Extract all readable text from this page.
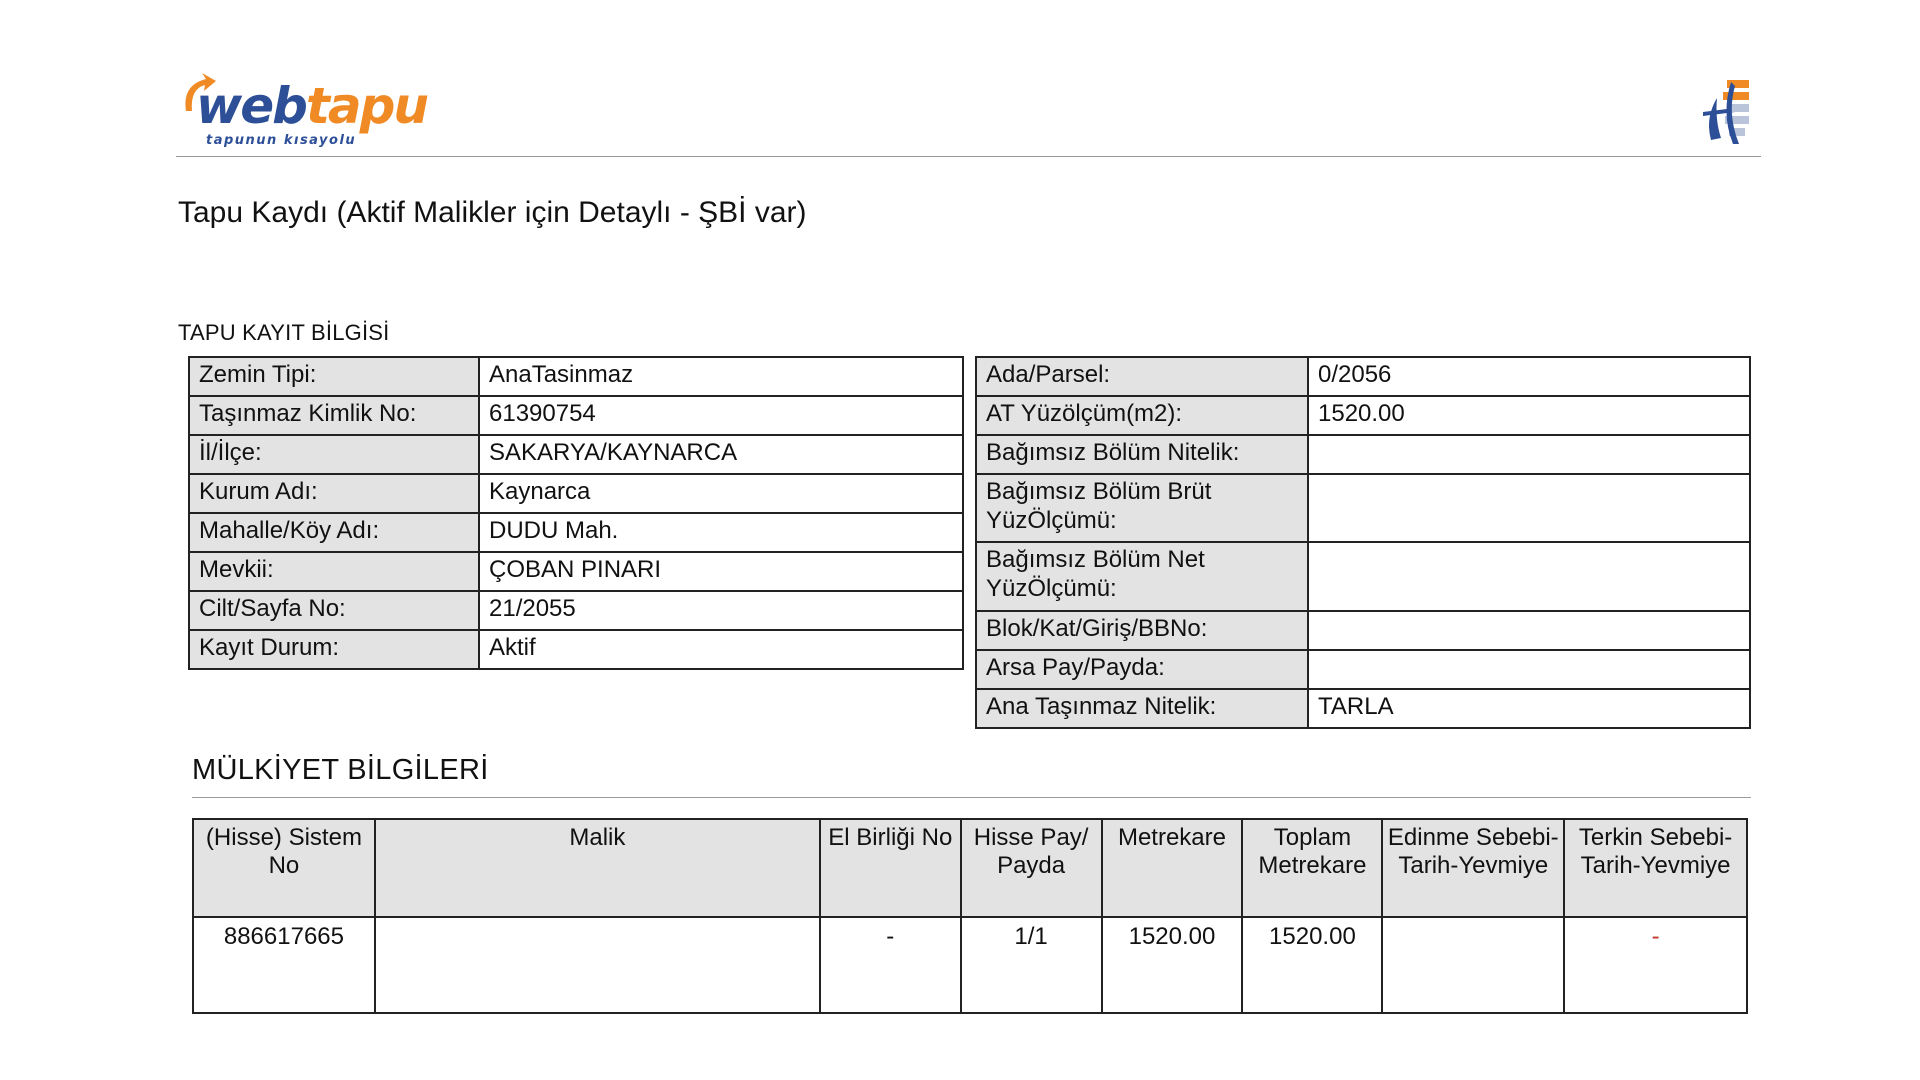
web tapu
tapunun kısayolu
Tapu Kaydı (Aktif Malikler için Detaylı - ŞBİ var)
TAPU KAYIT BİLGİSİ
Zemin Tipi:	AnaTasinmaz
Taşınmaz Kimlik No:	61390754
İl/İlçe:	SAKARYA/KAYNARCA
Kurum Adı:	Kaynarca
Mahalle/Köy Adı:	DUDU Mah.
Mevkii:	ÇOBAN PINARI
Cilt/Sayfa No:	21/2055
Kayıt Durum:	Aktif
Ada/Parsel:	0/2056
AT Yüzölçüm(m2):	1520.00
Bağımsız Bölüm Nitelik:	
Bağımsız Bölüm Brüt YüzÖlçümü:	
Bağımsız Bölüm Net YüzÖlçümü:	
Blok/Kat/Giriş/BBNo:	
Arsa Pay/Payda:	
Ana Taşınmaz Nitelik:	TARLA
MÜLKİYET BİLGİLERİ
(Hisse) Sistem No	Malik	El Birliği No	Hisse Pay/ Payda	Metrekare	Toplam Metrekare	Edinme Sebebi-Tarih-Yevmiye	Terkin Sebebi-Tarih-Yevmiye
886617665		-	1/1	1520.00	1520.00		-
